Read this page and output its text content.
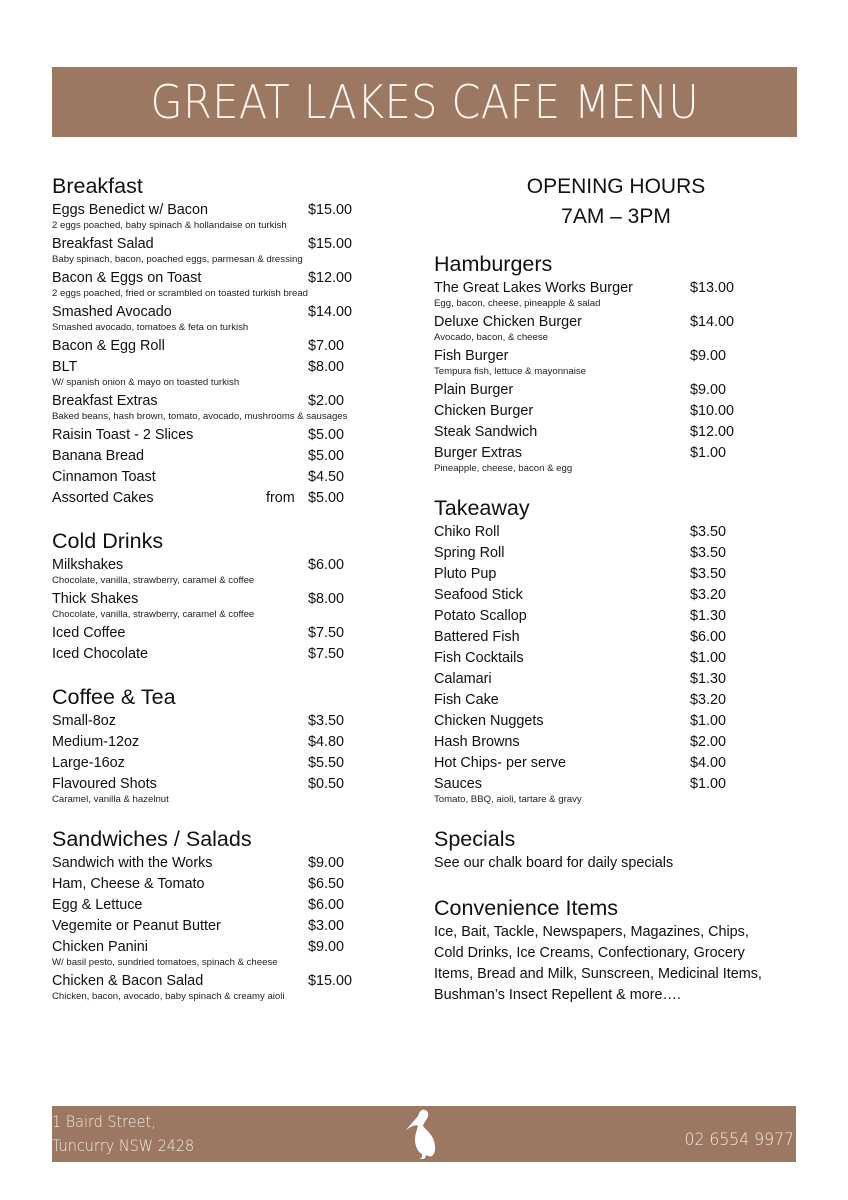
GREAT LAKES CAFE MENU
Breakfast
Eggs Benedict w/ Bacon	$15.00
2 eggs poached, baby spinach & hollandaise on turkish
Breakfast Salad	$15.00
Baby spinach, bacon, poached eggs, parmesan & dressing
Bacon & Eggs on Toast	$12.00
2 eggs poached, fried or scrambled on toasted turkish bread
Smashed Avocado	$14.00
Smashed avocado, tomatoes & feta on turkish
Bacon & Egg Roll	$7.00
BLT	$8.00
W/ spanish onion & mayo on toasted turkish
Breakfast Extras	$2.00
Baked beans, hash brown, tomato, avocado, mushrooms & sausages
Raisin Toast - 2 Slices	$5.00
Banana Bread	$5.00
Cinnamon Toast	$4.50
Assorted Cakes	from $5.00
Cold Drinks
Milkshakes	$6.00
Chocolate, vanilla, strawberry, caramel & coffee
Thick Shakes	$8.00
Chocolate, vanilla, strawberry, caramel & coffee
Iced Coffee	$7.50
Iced Chocolate	$7.50
Coffee & Tea
Small-8oz	$3.50
Medium-12oz	$4.80
Large-16oz	$5.50
Flavoured Shots	$0.50
Caramel, vanilla & hazelnut
Sandwiches / Salads
Sandwich with the Works	$9.00
Ham, Cheese & Tomato	$6.50
Egg & Lettuce	$6.00
Vegemite or Peanut Butter	$3.00
Chicken Panini	$9.00
W/ basil pesto, sundried tomatoes, spinach & cheese
Chicken & Bacon Salad	$15.00
Chicken, bacon, avocado, baby spinach & creamy aioli
OPENING HOURS
7AM – 3PM
Hamburgers
The Great Lakes Works Burger	$13.00
Egg, bacon, cheese, pineapple & salad
Deluxe Chicken Burger	$14.00
Avocado, bacon, & cheese
Fish Burger	$9.00
Tempura fish, lettuce & mayonnaise
Plain Burger	$9.00
Chicken Burger	$10.00
Steak Sandwich	$12.00
Burger Extras	$1.00
Pineapple, cheese, bacon & egg
Takeaway
Chiko Roll	$3.50
Spring Roll	$3.50
Pluto Pup	$3.50
Seafood Stick	$3.20
Potato Scallop	$1.30
Battered Fish	$6.00
Fish Cocktails	$1.00
Calamari	$1.30
Fish Cake	$3.20
Chicken Nuggets	$1.00
Hash Browns	$2.00
Hot Chips- per serve	$4.00
Sauces	$1.00
Tomato, BBQ, aioli, tartare & gravy
Specials
See our chalk board for daily specials
Convenience Items
Ice, Bait, Tackle, Newspapers, Magazines, Chips,
Cold Drinks, Ice Creams, Confectionary, Grocery
Items, Bread and Milk, Sunscreen, Medicinal Items,
Bushman’s Insect Repellent & more….
1 Baird Street,
Tuncurry NSW 2428	02 6554 9977
